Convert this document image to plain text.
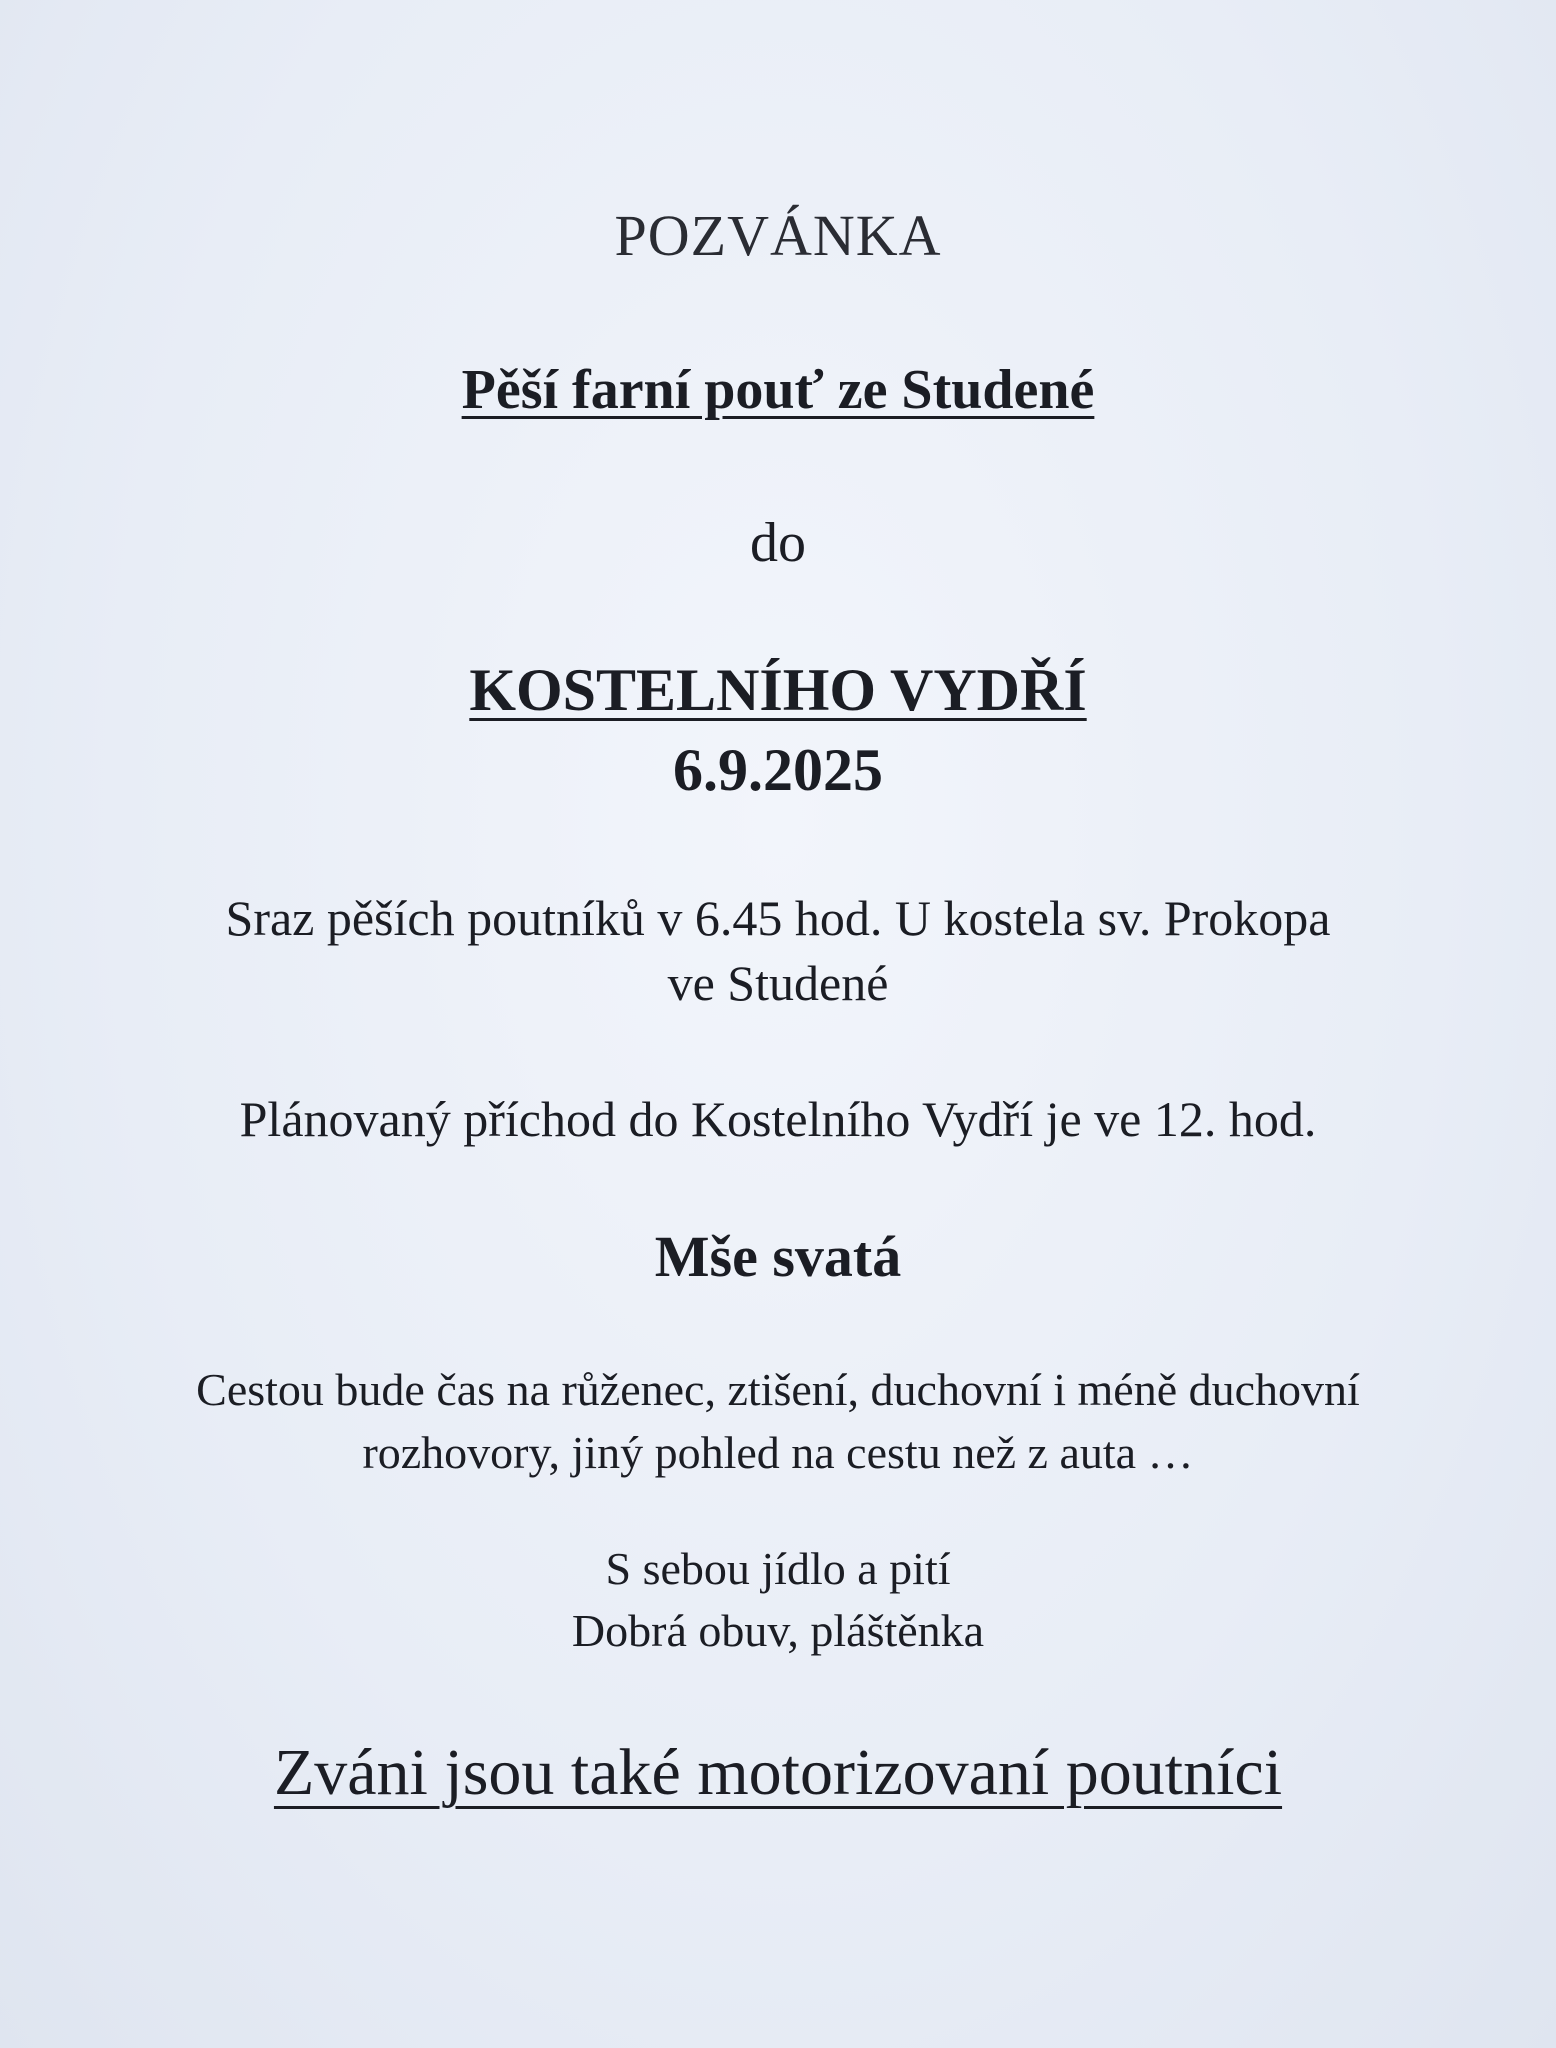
POZVÁNKA
Pěší farní pouť ze Studené
do
KOSTELNÍHO VYDŘÍ
6.9.2025
Sraz pěších poutníků v 6.45 hod. U kostela sv. Prokopa
ve Studené
Plánovaný příchod do Kostelního Vydří je ve 12. hod.
Mše svatá
Cestou bude čas na růženec, ztišení, duchovní i méně duchovní
rozhovory, jiný pohled na cestu než z auta …
S sebou jídlo a pití
Dobrá obuv, pláštěnka
Zváni jsou také motorizovaní poutníci
